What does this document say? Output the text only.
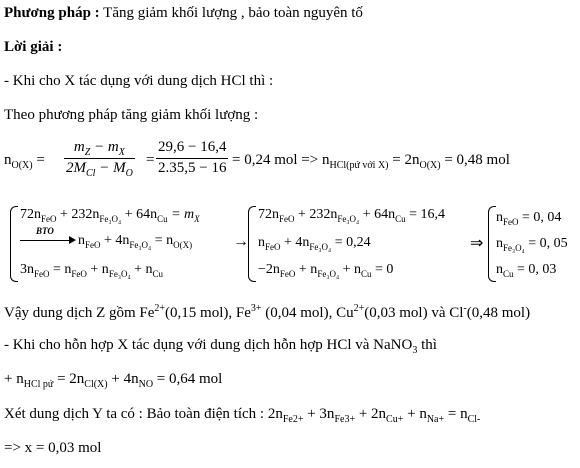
Phương pháp : Tăng giảm khối lượng , bảo toàn nguyên tố
Lời giải :
- Khi cho X tác dụng với dung dịch HCl thì :
Theo phương pháp tăng giảm khối lượng :
$n_{O(X)}$ =
$m_Z - m_X$
$2M_{Cl} - M_O$
=
29,6 − 16,4
2.35,5 − 16 = 0,24 mol => $n_{HCl(pứ với X)} = 2n_{O(X)} = 0,48$ mol
$72n_{FeO} + 232n_{Fe_3O_4} + 64n_{Cu} = m_X$
BTO
$n_{FeO} + 4n_{Fe_3O_4} = n_{O(X)}$
$3n_{FeO} = n_{FeO} + n_{Fe_3O_4} + n_{Cu}$
→
$72n_{FeO} + 232n_{Fe_3O_4} + 64n_{Cu} = 16,4$
$n_{FeO} + 4n_{Fe_3O_4} = 0,24$
$-2n_{FeO} + n_{Fe_3O_4} + n_{Cu} = 0$
⇒
$n_{FeO} = 0$, 04
$n_{Fe_3O_4} = 0$, 05
$n_{Cu} = 0$, 03
Vậy dung dịch Z gồm $Fe^{2+}(0,15$ mol), $Fe^{3+}$ (0,04 mol), $Cu^{2+}(0,03$ mol) và Cl-(0,48 mol)
- Khi cho hỗn hợp X tác dụng với dung dịch hỗn hợp HCl và NaNO$_3$ thì
+ $n_{HCl pứ} = 2n_{Cl(X)} + 4n_{NO} = 0,64$ mol
Xét dung dịch Y ta có : Bảo toàn điện tích : $2n_{Fe2+} + 3n_{Fe3+} + 2n_{Cu+} + n_{Na+} = n_{Cl-}$
=> x = 0,03 mol
